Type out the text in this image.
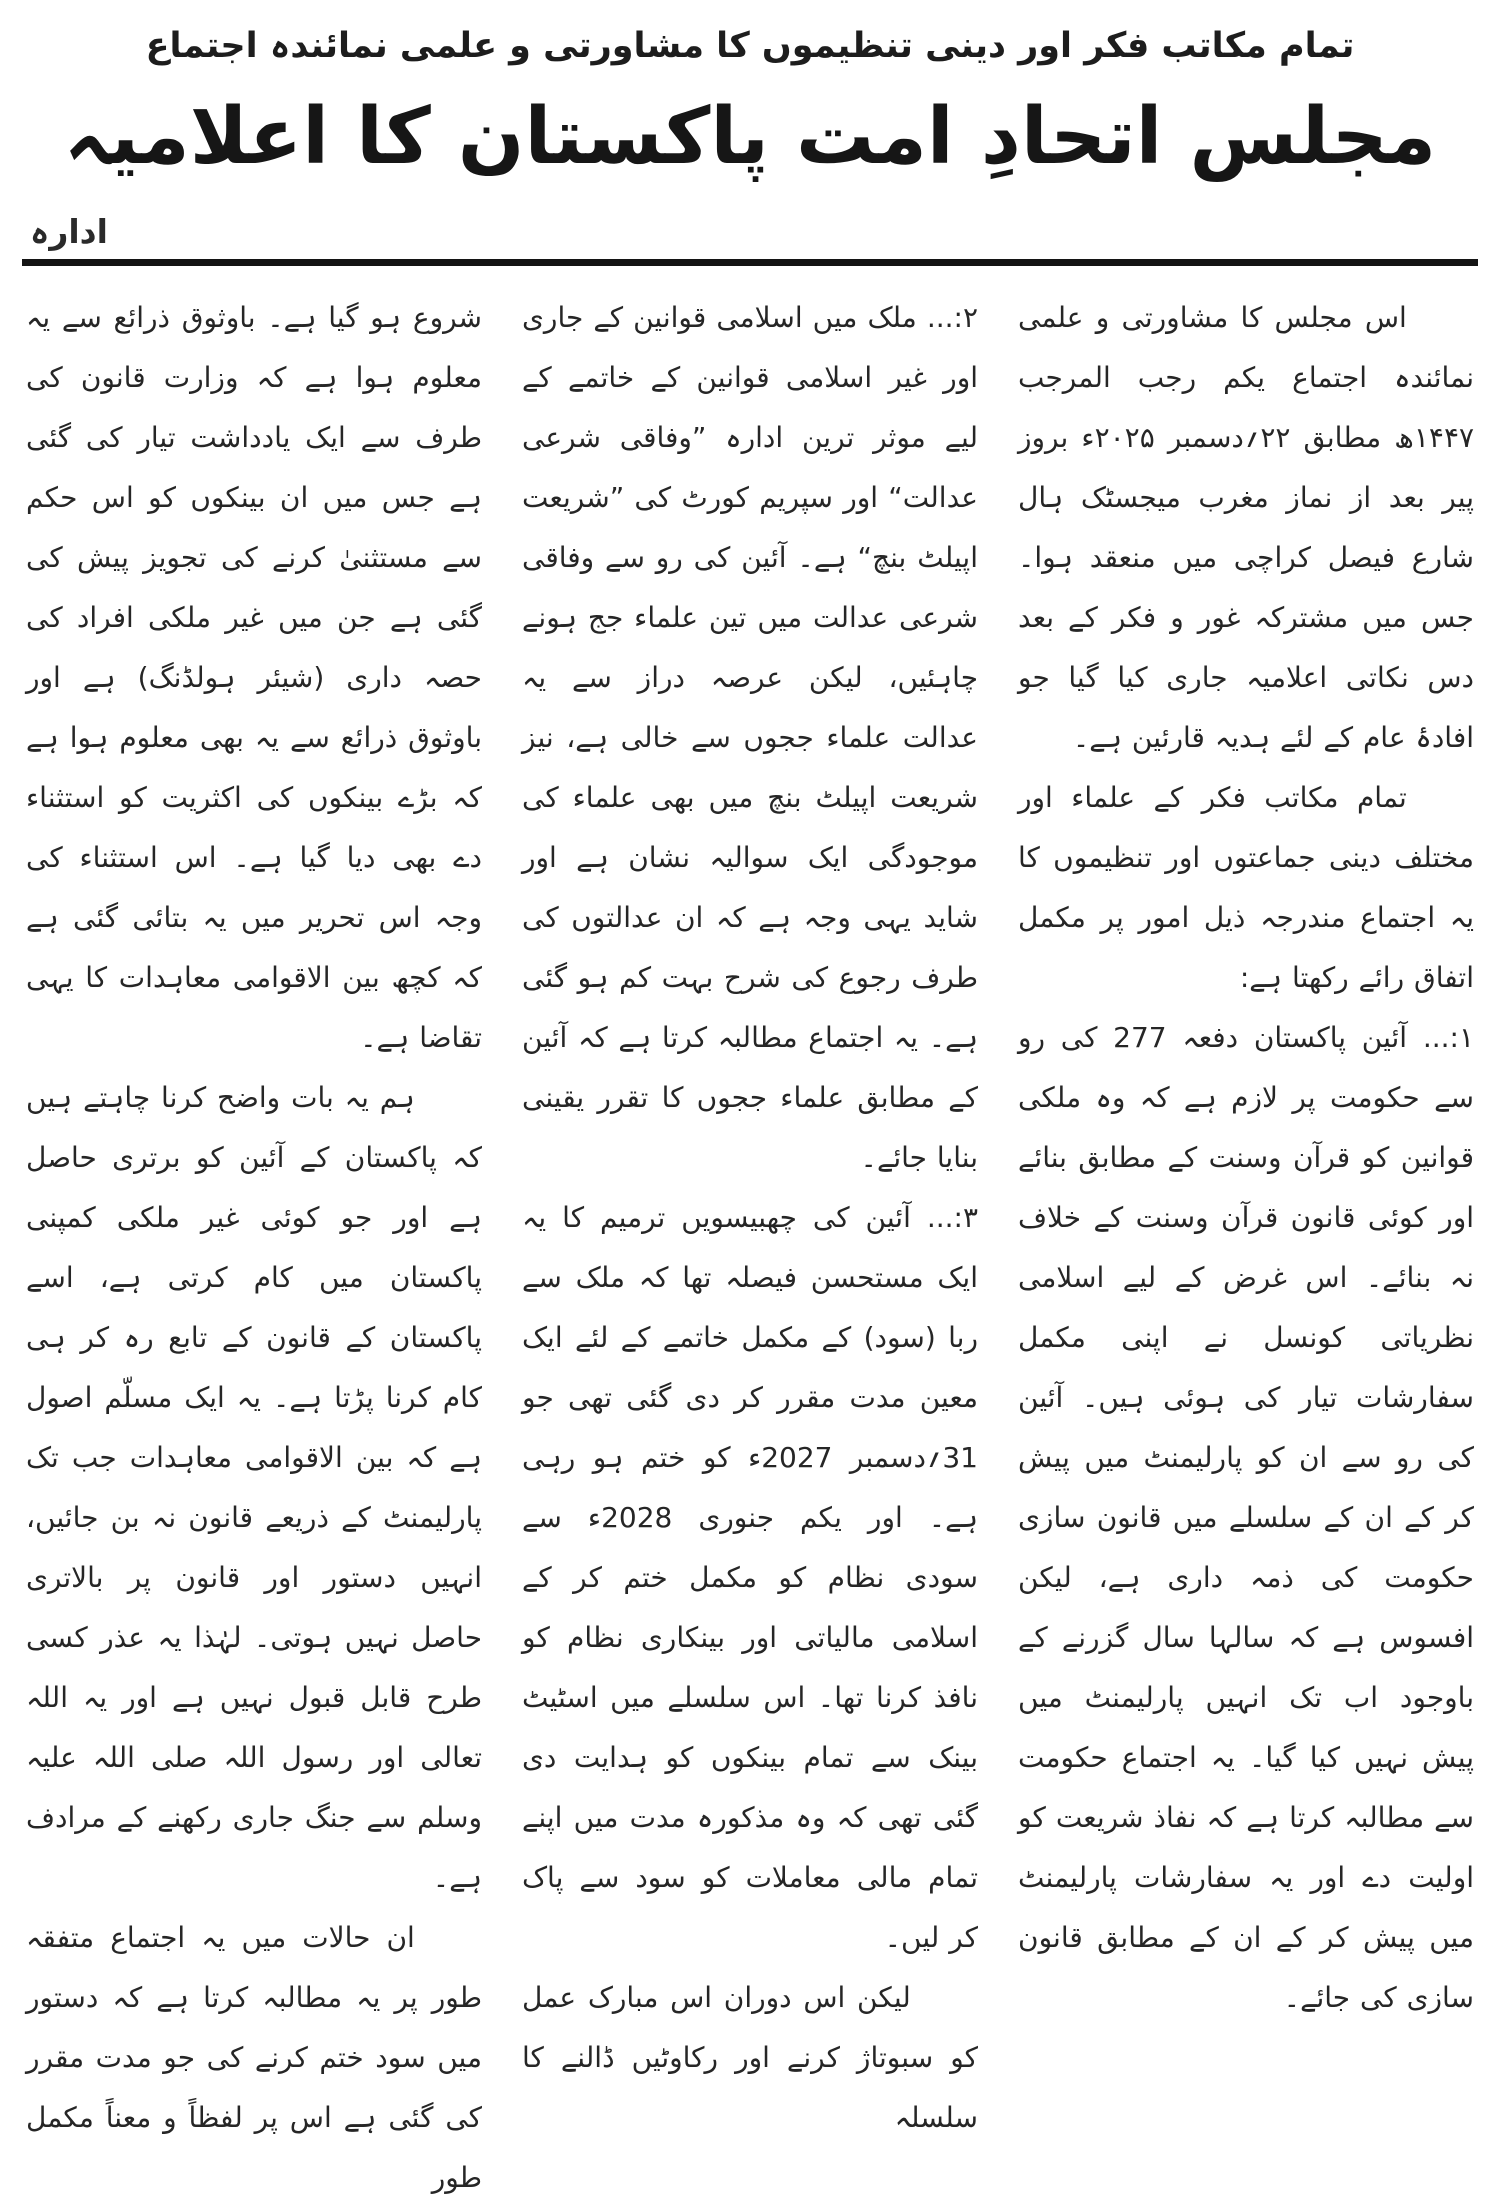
تمام مکاتب فکر اور دینی تنظیموں کا مشاورتی و علمی نمائندہ اجتماع
مجلس اتحادِ امت پاکستان کا اعلامیہ
ادارہ

اس مجلس کا مشاورتی و علمی نمائندہ اجتماع یکم رجب المرجب ۱۴۴۷ھ مطابق ۲۲؍دسمبر ۲۰۲۵ء بروز پیر بعد از نماز مغرب میجسٹک ہال شارع فیصل کراچی میں منعقد ہوا۔ جس میں مشترکہ غور و فکر کے بعد دس نکاتی اعلامیہ جاری کیا گیا جو افادۂ عام کے لئے ہدیہ قارئین ہے۔

تمام مکاتب فکر کے علماء اور مختلف دینی جماعتوں اور تنظیموں کا یہ اجتماع مندرجہ ذیل امور پر مکمل اتفاق رائے رکھتا ہے:

۱:... آئین پاکستان دفعہ 277 کی رو سے حکومت پر لازم ہے کہ وہ ملکی قوانین کو قرآن وسنت کے مطابق بنائے اور کوئی قانون قرآن وسنت کے خلاف نہ بنائے۔ اس غرض کے لیے اسلامی نظریاتی کونسل نے اپنی مکمل سفارشات تیار کی ہوئی ہیں۔ آئین کی رو سے ان کو پارلیمنٹ میں پیش کر کے ان کے سلسلے میں قانون سازی حکومت کی ذمہ داری ہے، لیکن افسوس ہے کہ سالہا سال گزرنے کے باوجود اب تک انہیں پارلیمنٹ میں پیش نہیں کیا گیا۔ یہ اجتماع حکومت سے مطالبہ کرتا ہے کہ نفاذ شریعت کو اولیت دے اور یہ سفارشات پارلیمنٹ میں پیش کر کے ان کے مطابق قانون سازی کی جائے۔

۲:... ملک میں اسلامی قوانین کے جاری اور غیر اسلامی قوانین کے خاتمے کے لیے موثر ترین ادارہ ”وفاقی شرعی عدالت“ اور سپریم کورٹ کی ”شریعت اپیلٹ بنچ“ ہے۔ آئین کی رو سے وفاقی شرعی عدالت میں تین علماء جج ہونے چاہئیں، لیکن عرصہ دراز سے یہ عدالت علماء ججوں سے خالی ہے، نیز شریعت اپیلٹ بنچ میں بھی علماء کی موجودگی ایک سوالیہ نشان ہے اور شاید یہی وجہ ہے کہ ان عدالتوں کی طرف رجوع کی شرح بہت کم ہو گئی ہے۔ یہ اجتماع مطالبہ کرتا ہے کہ آئین کے مطابق علماء ججوں کا تقرر یقینی بنایا جائے۔

۳:... آئین کی چھبیسویں ترمیم کا یہ ایک مستحسن فیصلہ تھا کہ ملک سے ربا (سود) کے مکمل خاتمے کے لئے ایک معین مدت مقرر کر دی گئی تھی جو 31؍دسمبر 2027ء کو ختم ہو رہی ہے۔ اور یکم جنوری 2028ء سے سودی نظام کو مکمل ختم کر کے اسلامی مالیاتی اور بینکاری نظام کو نافذ کرنا تھا۔ اس سلسلے میں اسٹیٹ بینک سے تمام بینکوں کو ہدایت دی گئی تھی کہ وہ مذکورہ مدت میں اپنے تمام مالی معاملات کو سود سے پاک کر لیں۔

لیکن اس دوران اس مبارک عمل کو سبوتاژ کرنے اور رکاوٹیں ڈالنے کا سلسلہ

شروع ہو گیا ہے۔ باوثوق ذرائع سے یہ معلوم ہوا ہے کہ وزارت قانون کی طرف سے ایک یادداشت تیار کی گئی ہے جس میں ان بینکوں کو اس حکم سے مستثنیٰ کرنے کی تجویز پیش کی گئی ہے جن میں غیر ملکی افراد کی حصہ داری (شیئر ہولڈنگ) ہے اور باوثوق ذرائع سے یہ بھی معلوم ہوا ہے کہ بڑے بینکوں کی اکثریت کو استثناء دے بھی دیا گیا ہے۔ اس استثناء کی وجہ اس تحریر میں یہ بتائی گئی ہے کہ کچھ بین الاقوامی معاہدات کا یہی تقاضا ہے۔

ہم یہ بات واضح کرنا چاہتے ہیں کہ پاکستان کے آئین کو برتری حاصل ہے اور جو کوئی غیر ملکی کمپنی پاکستان میں کام کرتی ہے، اسے پاکستان کے قانون کے تابع رہ کر ہی کام کرنا پڑتا ہے۔ یہ ایک مسلّم اصول ہے کہ بین الاقوامی معاہدات جب تک پارلیمنٹ کے ذریعے قانون نہ بن جائیں، انہیں دستور اور قانون پر بالاتری حاصل نہیں ہوتی۔ لہٰذا یہ عذر کسی طرح قابل قبول نہیں ہے اور یہ اللہ تعالی اور رسول اللہ صلی اللہ علیہ وسلم سے جنگ جاری رکھنے کے مرادف ہے۔

ان حالات میں یہ اجتماع متفقہ طور پر یہ مطالبہ کرتا ہے کہ دستور میں سود ختم کرنے کی جو مدت مقرر کی گئی ہے اس پر لفظاً و معناً مکمل طور
